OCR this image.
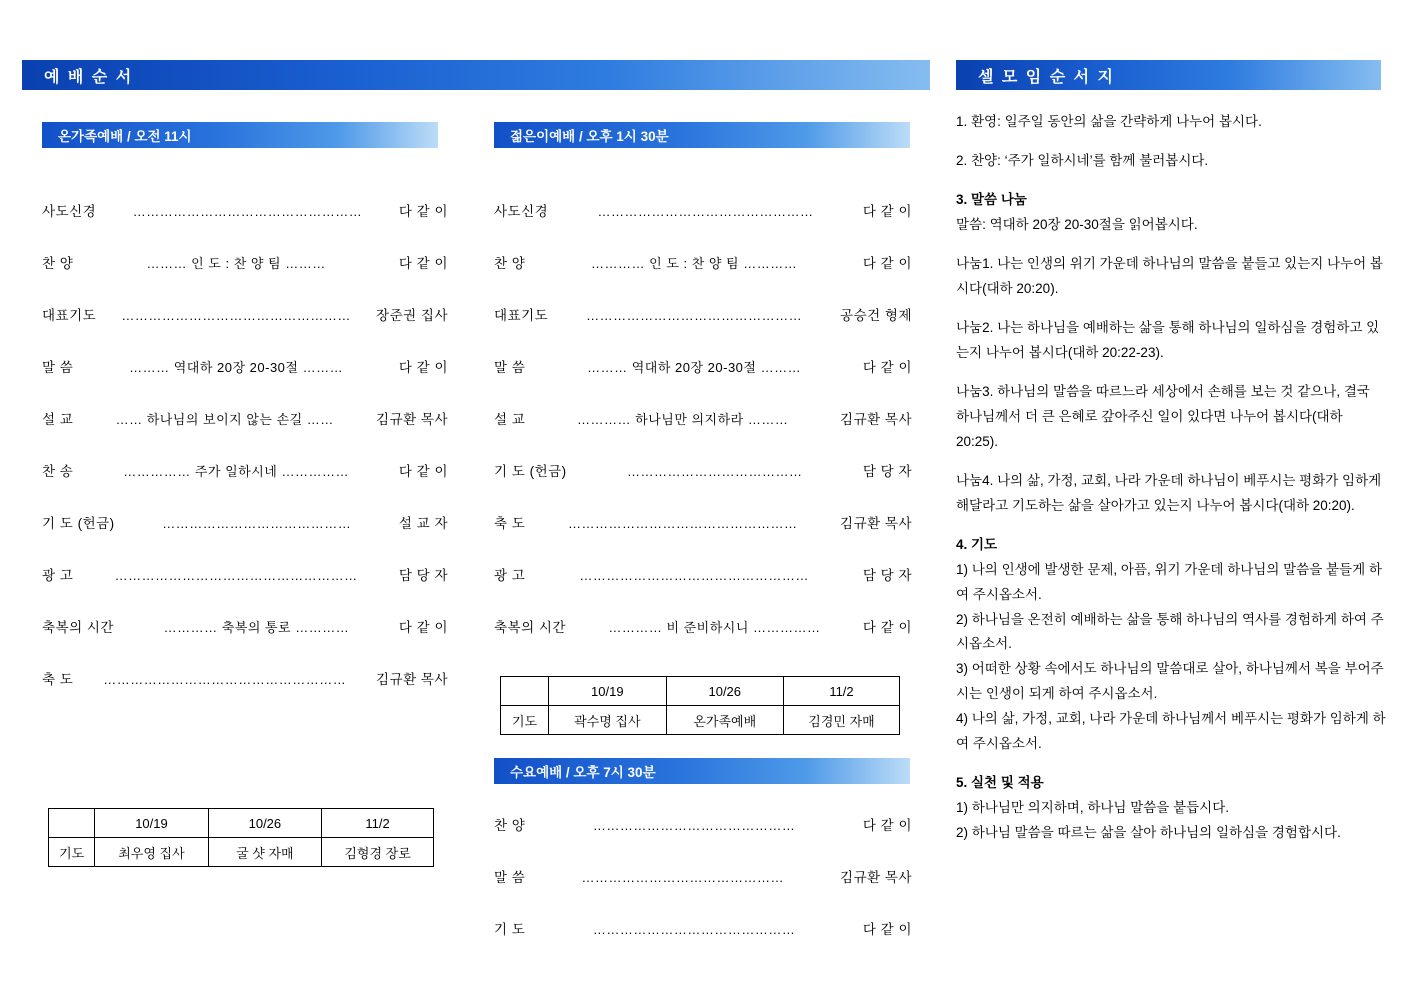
예 배 순 서	셀 모 임 순 서 지
온가족예배 / 오전 11시
사도신경	……………………………………………	다 같 이
찬 양	……… 인 도 : 찬 양 팀 ………	다 같 이
대표기도	……………………………………………	장준권 집사
말 씀	……… 역대하 20장 20-30절 ………	다 같 이
설 교	…… 하나님의 보이지 않는 손길 ……	김규환 목사
찬 송	…………… 주가 일하시네 ……………	다 같 이
기 도 (헌금)	……………………………………	설 교 자
광 고	………………………………………………	담 당 자
축복의 시간	………… 축복의 통로 …………	다 같 이
축 도	………………………………………………	김규환 목사
	10/19	10/26	11/2
기도	최우영 집사	굴 샷 자매	김형경 장로
젊은이예배 / 오후 1시 30분
사도신경	…………………………………………	다 같 이
찬 양	………… 인 도 : 찬 양 팀 …………	다 같 이
대표기도	…………………………………………	공승건 형제
말 씀	……… 역대하 20장 20-30절 ………	다 같 이
설 교	………… 하나님만 의지하라 ………	김규환 목사
기 도 (헌금)	…………………………………	담 당 자
축 도	……………………………………………	김규환 목사
광 고	……………………………………………	담 당 자
축복의 시간	………… 비 준비하시니 ……………	다 같 이
	10/19	10/26	11/2
기도	곽수명 집사	온가족예배	김경민 자매
수요예배 / 오후 7시 30분
찬 양	………………………………………	다 같 이
말 씀	………………………………………	김규환 목사
기 도	………………………………………	다 같 이

1. 환영: 일주일 동안의 삶을 간략하게 나누어 봅시다.

2. 찬양: ‘주가 일하시네’를 함께 불러봅시다.

3. 말씀 나눔

말씀: 역대하 20장 20-30절을 읽어봅시다.

나눔1. 나는 인생의 위기 가운데 하나님의 말씀을 붙들고 있는지 나누어 봅시다(대하 20:20).

나눔2. 나는 하나님을 예배하는 삶을 통해 하나님의 일하심을 경험하고 있는지 나누어 봅시다(대하 20:22-23).

나눔3. 하나님의 말씀을 따르느라 세상에서 손해를 보는 것 같으나, 결국 하나님께서 더 큰 은혜로 갚아주신 일이 있다면 나누어 봅시다(대하 20:25).

나눔4. 나의 삶, 가정, 교회, 나라 가운데 하나님이 베푸시는 평화가 임하게 해달라고 기도하는 삶을 살아가고 있는지 나누어 봅시다(대하 20:20).

4. 기도

1) 나의 인생에 발생한 문제, 아픔, 위기 가운데 하나님의 말씀을 붙들게 하여 주시옵소서.

2) 하나님을 온전히 예배하는 삶을 통해 하나님의 역사를 경험하게 하여 주시옵소서.

3) 어떠한 상황 속에서도 하나님의 말씀대로 살아, 하나님께서 복을 부어주시는 인생이 되게 하여 주시옵소서.

4) 나의 삶, 가정, 교회, 나라 가운데 하나님께서 베푸시는 평화가 임하게 하여 주시옵소서.

5. 실천 및 적용

1) 하나님만 의지하며, 하나님 말씀을 붙듭시다.

2) 하나님 말씀을 따르는 삶을 살아 하나님의 일하심을 경험합시다.
